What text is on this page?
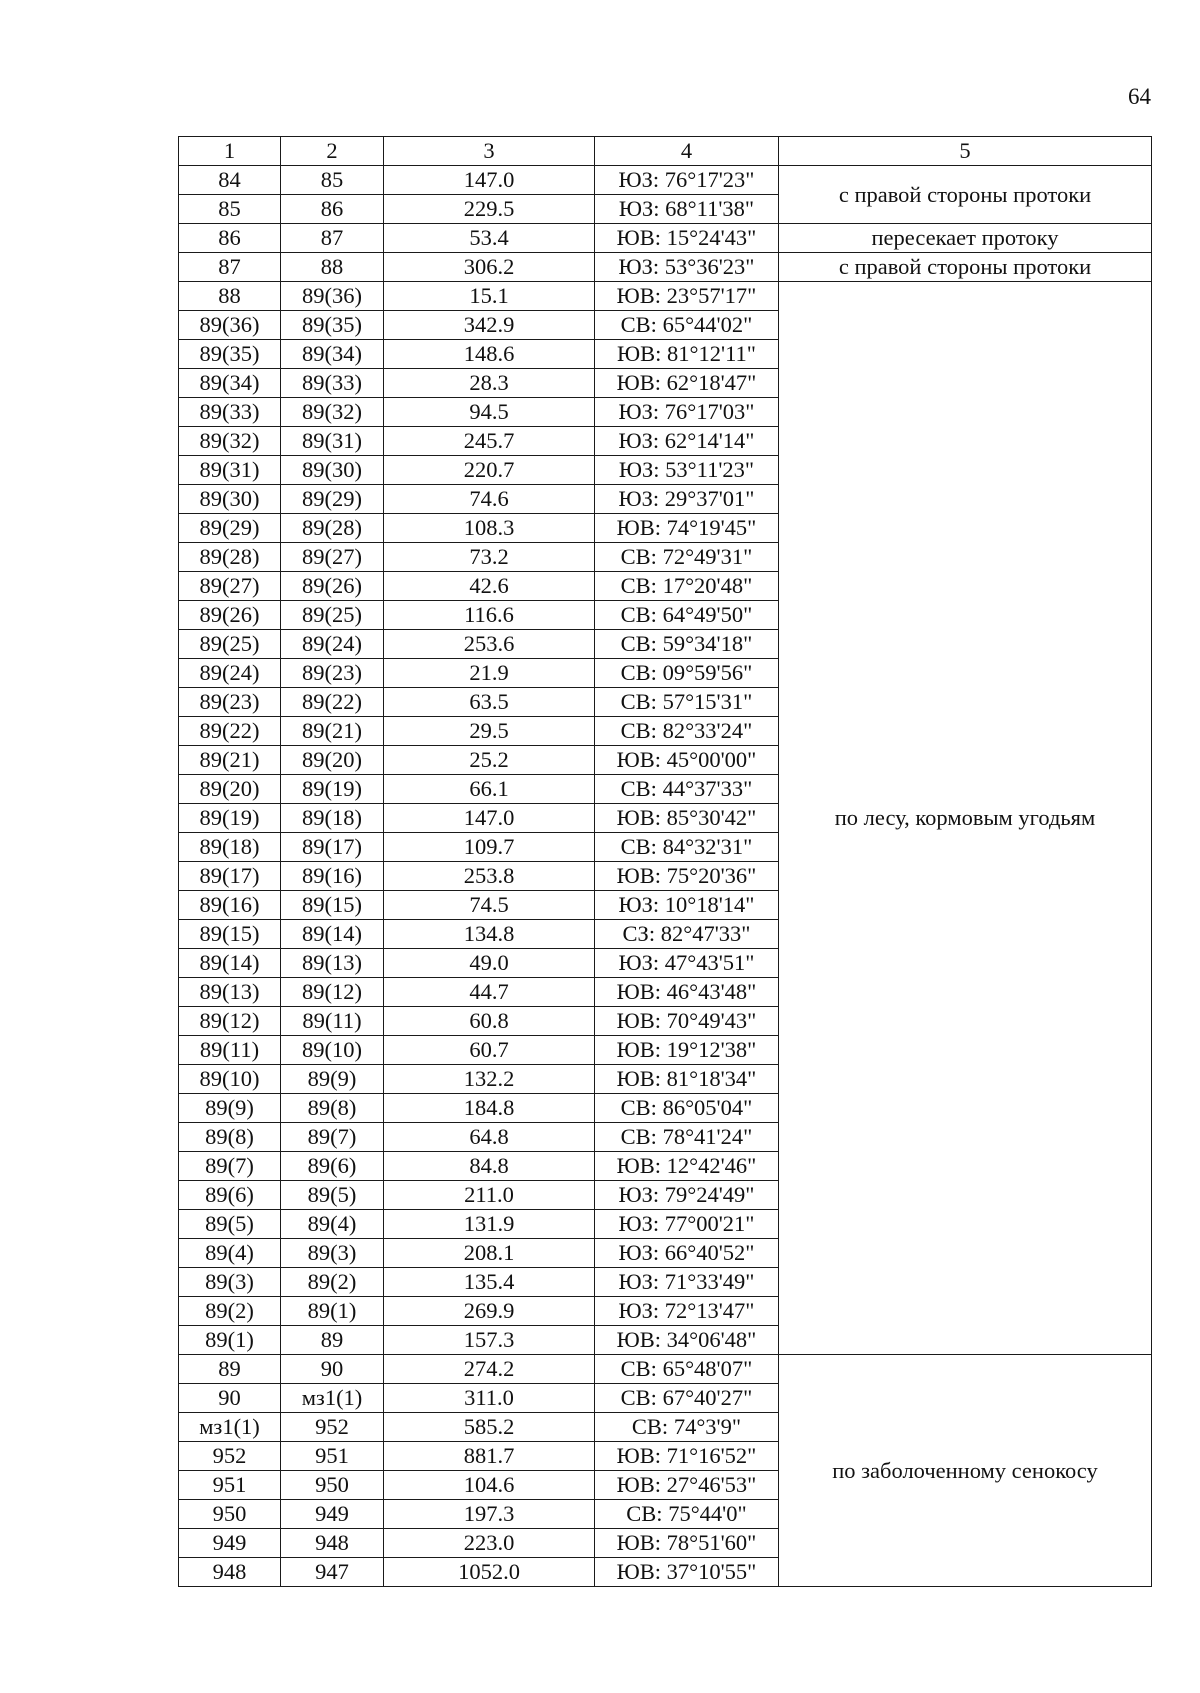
64
1	2	3	4	5
84	85	147.0	ЮЗ: 76°17'23"	с правой стороны протоки
85	86	229.5	ЮЗ: 68°11'38"	
86	87	53.4	ЮВ: 15°24'43"	пересекает протоку
87	88	306.2	ЮЗ: 53°36'23"	с правой стороны протоки
88	89(36)	15.1	ЮВ: 23°57'17"	по лесу, кормовым угодьям
89(36)	89(35)	342.9	СВ: 65°44'02"	
89(35)	89(34)	148.6	ЮВ: 81°12'11"	
89(34)	89(33)	28.3	ЮВ: 62°18'47"	
89(33)	89(32)	94.5	ЮЗ: 76°17'03"	
89(32)	89(31)	245.7	ЮЗ: 62°14'14"	
89(31)	89(30)	220.7	ЮЗ: 53°11'23"	
89(30)	89(29)	74.6	ЮЗ: 29°37'01"	
89(29)	89(28)	108.3	ЮВ: 74°19'45"	
89(28)	89(27)	73.2	СВ: 72°49'31"	
89(27)	89(26)	42.6	СВ: 17°20'48"	
89(26)	89(25)	116.6	СВ: 64°49'50"	
89(25)	89(24)	253.6	СВ: 59°34'18"	
89(24)	89(23)	21.9	СВ: 09°59'56"	
89(23)	89(22)	63.5	СВ: 57°15'31"	
89(22)	89(21)	29.5	СВ: 82°33'24"	
89(21)	89(20)	25.2	ЮВ: 45°00'00"	
89(20)	89(19)	66.1	СВ: 44°37'33"	
89(19)	89(18)	147.0	ЮВ: 85°30'42"	
89(18)	89(17)	109.7	СВ: 84°32'31"	
89(17)	89(16)	253.8	ЮВ: 75°20'36"	
89(16)	89(15)	74.5	ЮЗ: 10°18'14"	
89(15)	89(14)	134.8	СЗ: 82°47'33"	
89(14)	89(13)	49.0	ЮЗ: 47°43'51"	
89(13)	89(12)	44.7	ЮВ: 46°43'48"	
89(12)	89(11)	60.8	ЮВ: 70°49'43"	
89(11)	89(10)	60.7	ЮВ: 19°12'38"	
89(10)	89(9)	132.2	ЮВ: 81°18'34"	
89(9)	89(8)	184.8	СВ: 86°05'04"	
89(8)	89(7)	64.8	СВ: 78°41'24"	
89(7)	89(6)	84.8	ЮВ: 12°42'46"	
89(6)	89(5)	211.0	ЮЗ: 79°24'49"	
89(5)	89(4)	131.9	ЮЗ: 77°00'21"	
89(4)	89(3)	208.1	ЮЗ: 66°40'52"	
89(3)	89(2)	135.4	ЮЗ: 71°33'49"	
89(2)	89(1)	269.9	ЮЗ: 72°13'47"	
89(1)	89	157.3	ЮВ: 34°06'48"	
89	90	274.2	СВ: 65°48'07"	по заболоченному сенокосу
90	мз1(1)	311.0	СВ: 67°40'27"	
мз1(1)	952	585.2	СВ: 74°3'9"	
952	951	881.7	ЮВ: 71°16'52"	
951	950	104.6	ЮВ: 27°46'53"	
950	949	197.3	СВ: 75°44'0"	
949	948	223.0	ЮВ: 78°51'60"	
948	947	1052.0	ЮВ: 37°10'55"	
